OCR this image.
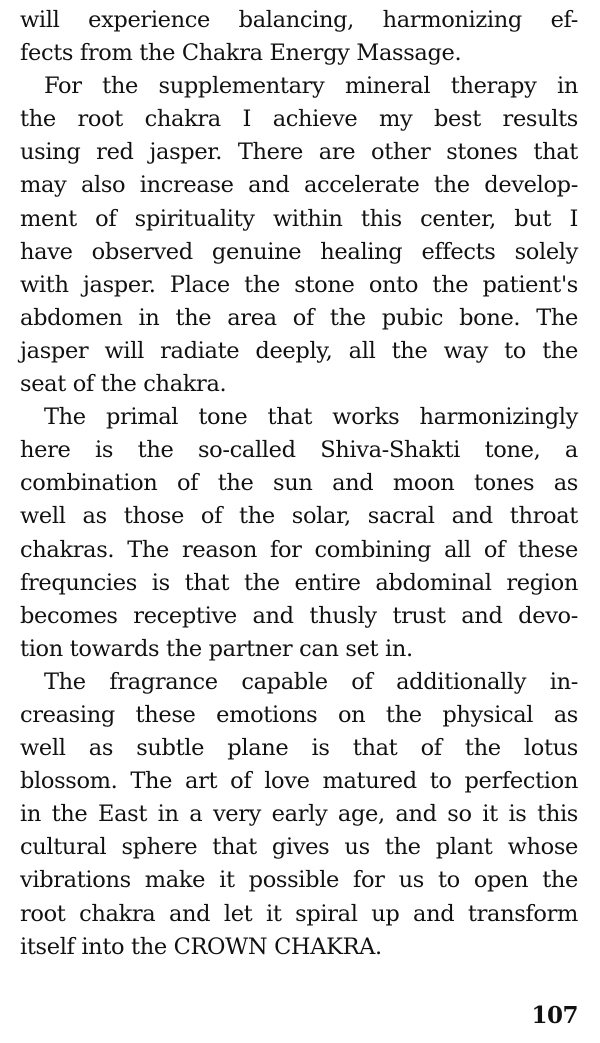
will experience balancing, harmonizing ef-
fects from the Chakra Energy Massage.
For the supplementary mineral therapy in
the root chakra I achieve my best results
using red jasper. There are other stones that
may also increase and accelerate the develop-
ment of spirituality within this center, but I
have observed genuine healing effects solely
with jasper. Place the stone onto the patient's
abdomen in the area of the pubic bone. The
jasper will radiate deeply, all the way to the
seat of the chakra.
The primal tone that works harmonizingly
here is the so-called Shiva-Shakti tone, a
combination of the sun and moon tones as
well as those of the solar, sacral and throat
chakras. The reason for combining all of these
frequncies is that the entire abdominal region
becomes receptive and thusly trust and devo-
tion towards the partner can set in.
The fragrance capable of additionally in-
creasing these emotions on the physical as
well as subtle plane is that of the lotus
blossom. The art of love matured to perfection
in the East in a very early age, and so it is this
cultural sphere that gives us the plant whose
vibrations make it possible for us to open the
root chakra and let it spiral up and transform
itself into the CROWN CHAKRA.
107
